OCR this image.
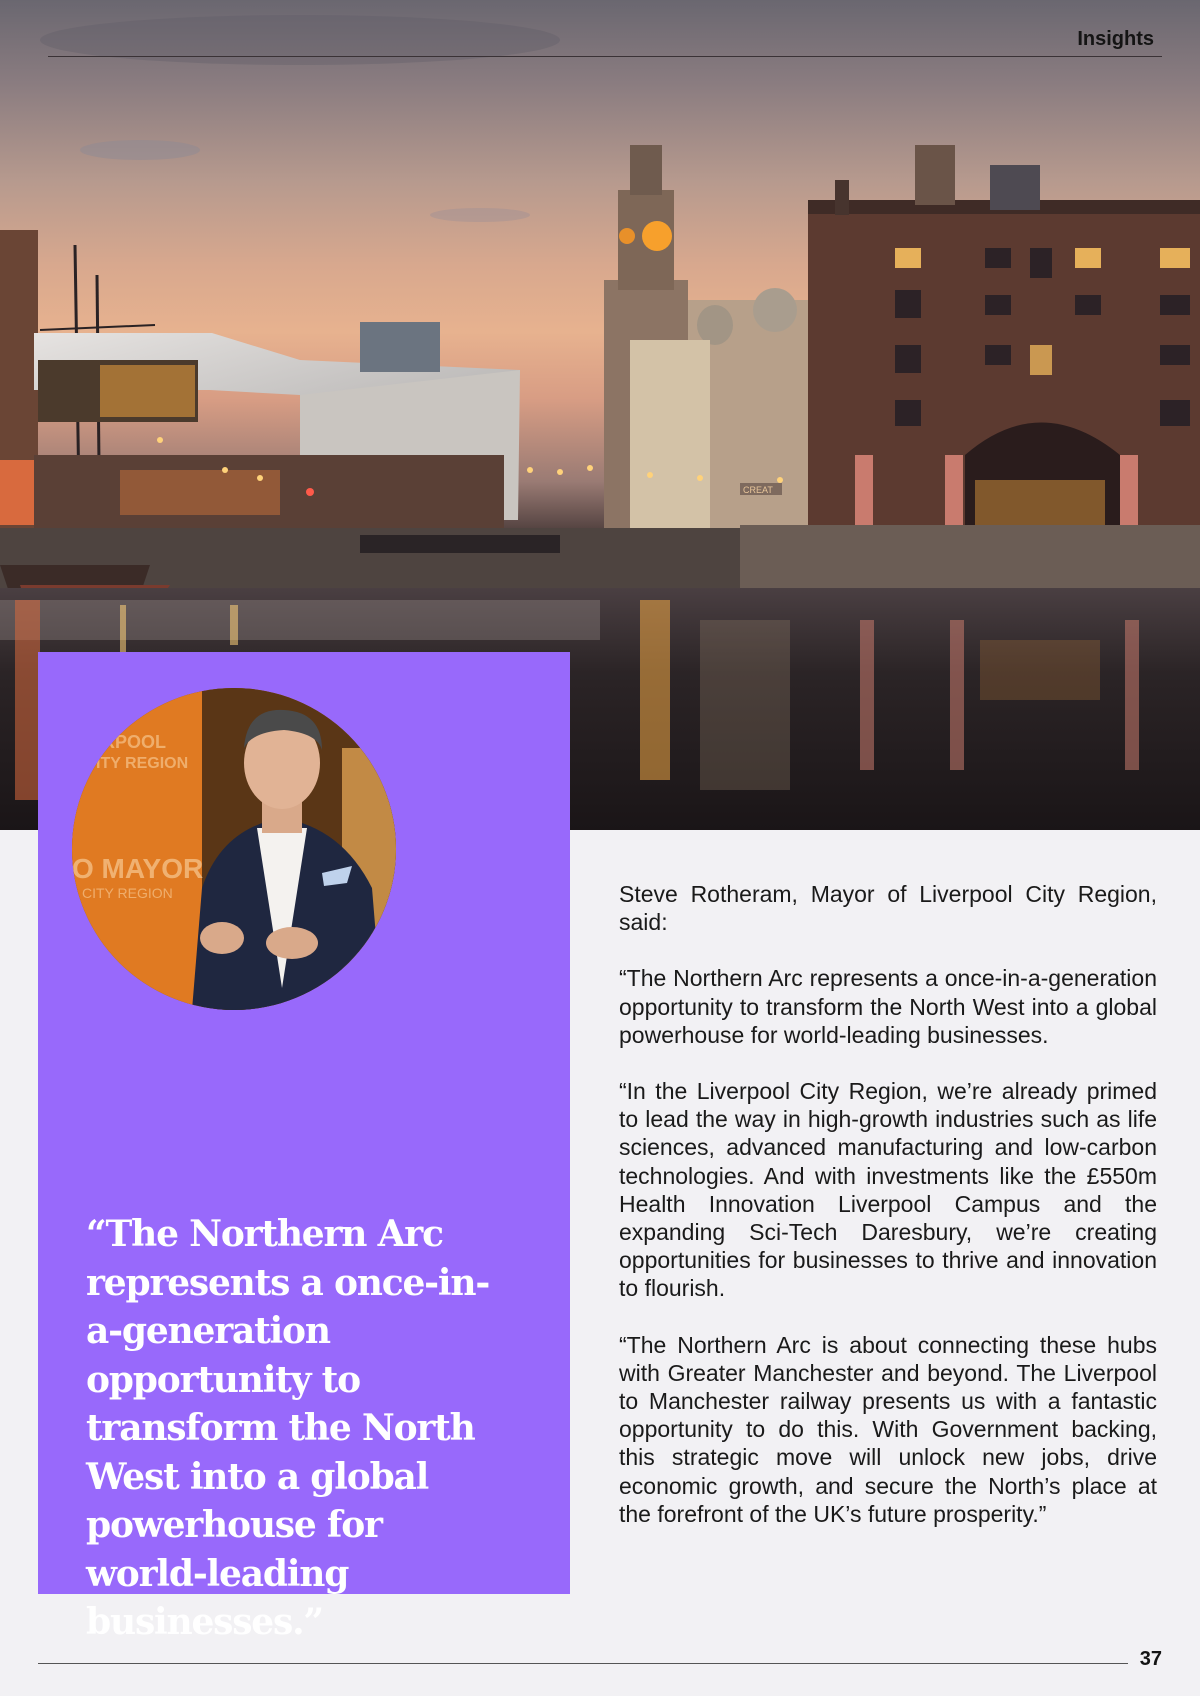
CREAT
Insights
RPOOL
ITY REGION
O MAYOR
CITY REGION
“The Northern Arc represents a once-in-a-generation opportunity to transform the North West into a global powerhouse for world-leading businesses.”

Steve Rotheram, Mayor of Liverpool City Region, said:

“The Northern Arc represents a once-in-a-generation opportunity to transform the North West into a global powerhouse for world-leading businesses.

“In the Liverpool City Region, we’re already primed to lead the way in high-growth industries such as life sciences, advanced manufacturing and low-carbon technologies. And with investments like the £550m Health Innovation Liverpool Campus and the expanding Sci-Tech Daresbury, we’re creating opportunities for businesses to thrive and innovation to flourish.

“The Northern Arc is about connecting these hubs with Greater Manchester and beyond. The Liverpool to Manchester railway presents us with a fantastic opportunity to do this. With Government backing, this strategic move will unlock new jobs, drive economic growth, and secure the North’s place at the forefront of the UK’s future prosperity.”

37
